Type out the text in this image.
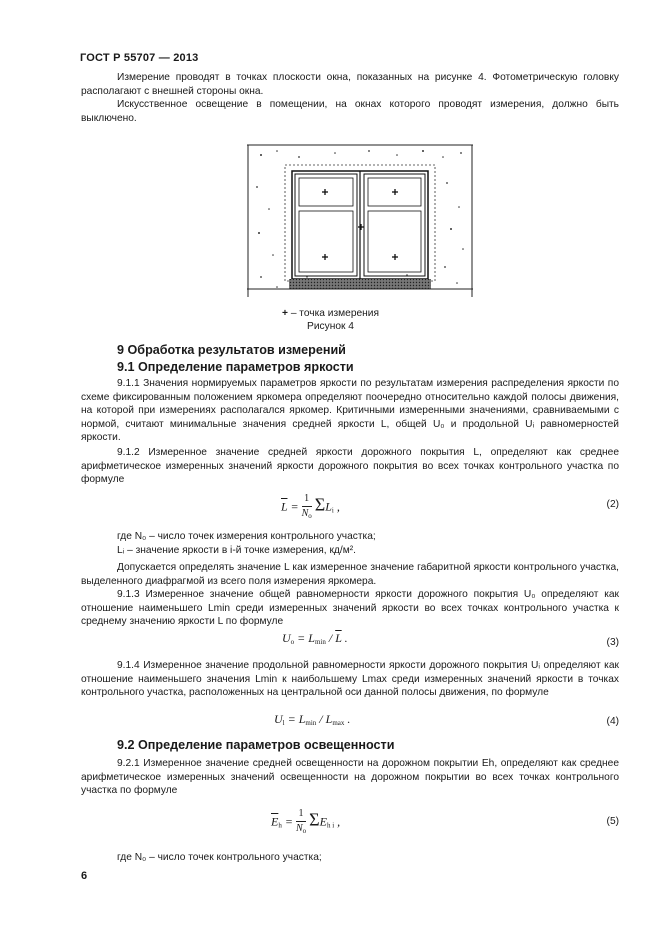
ГОСТ Р 55707 — 2013
Измерение проводят в точках плоскости окна, показанных на рисунке 4. Фотометрическую головку располагают с внешней стороны окна.
Искусственное освещение в помещении, на окнах которого проводят измерения, должно быть выключено.
+ – точка измерения
Рисунок 4
9 Обработка результатов измерений
9.1 Определение параметров яркости
9.1.1 Значения нормируемых параметров яркости по результатам измерения распределения яркости по схеме фиксированным положением яркомера определяют поочередно относительно каждой полосы движения, на которой при измерениях располагался яркомер. Критичными измеренными значениями, сравниваемыми с нормой, считают минимальные значения средней яркости L, общей U₀ и продольной Uᵢ равномерностей яркости.
9.1.2 Измеренное значение средней яркости дорожного покрытия L, определяют как среднее арифметическое измеренных значений яркости дорожного покрытия во всех точках контрольного участка по формуле
$\overline{L} = \frac{1}{N_o} \Sigma L_i$ ,	(2)
где N₀ – число точек измерения контрольного участка;
Lᵢ – значение яркости в i-й точке измерения, кд/м².
Допускается определять значение L как измеренное значение габаритной яркости контрольного участка, выделенного диафрагмой из всего поля измерения яркомера.
9.1.3 Измеренное значение общей равномерности яркости дорожного покрытия U₀ определяют как отношение наименьшего Lmin среди измеренных значений яркости во всех точках контрольного участка к среднему значению яркости L по формуле
$U_o = L_{min} / \overline{L}$ .	(3)
9.1.4 Измеренное значение продольной равномерности яркости дорожного покрытия Uᵢ определяют как отношение наименьшего значения Lmin к наибольшему Lmax среди измеренных значений яркости в точках контрольного участка, расположенных на центральной оси данной полосы движения, по формуле
$U_l = L_{min} / L_{max}$ .	(4)
9.2 Определение параметров освещенности
9.2.1 Измеренное значение средней освещенности на дорожном покрытии Eh, определяют как среднее арифметическое измеренных значений освещенности на дорожном покрытии во всех точках контрольного участка по формуле
$\overline{E}_h = \frac{1}{N_o} \Sigma E_{h i}$ ,	(5)
где N₀ – число точек контрольного участка;
6
